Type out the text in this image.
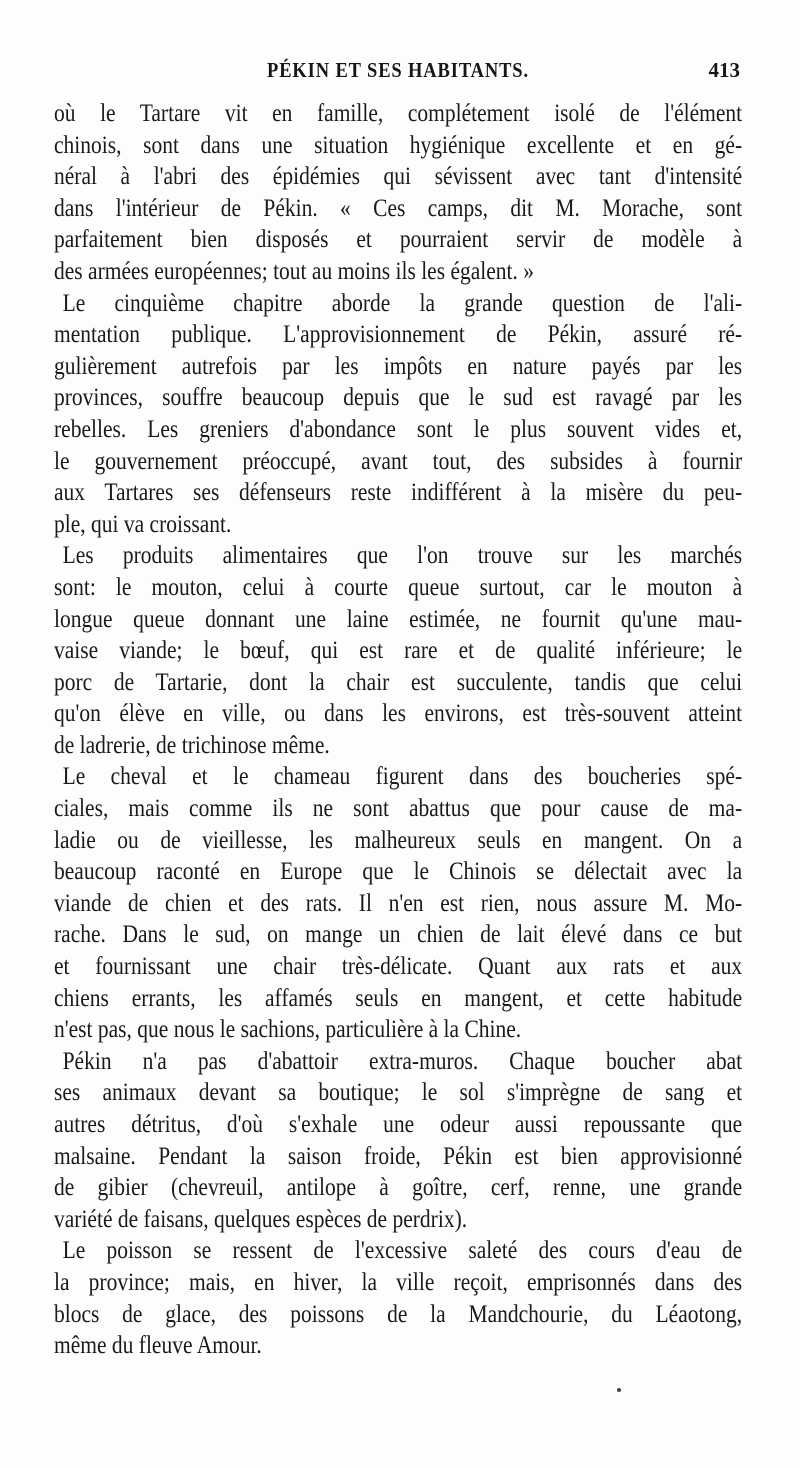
PÉKIN ET SES HABITANTS.	413

où le Tartare vit en famille, complétement isolé de l'élément
chinois, sont dans une situation hygiénique excellente et en gé-
néral à l'abri des épidémies qui sévissent avec tant d'intensité
dans l'intérieur de Pékin. « Ces camps, dit M. Morache, sont
parfaitement bien disposés et pourraient servir de modèle à
des armées européennes; tout au moins ils les égalent. »

Le cinquième chapitre aborde la grande question de l'ali-
mentation publique. L'approvisionnement de Pékin, assuré ré-
gulièrement autrefois par les impôts en nature payés par les
provinces, souffre beaucoup depuis que le sud est ravagé par les
rebelles. Les greniers d'abondance sont le plus souvent vides et,
le gouvernement préoccupé, avant tout, des subsides à fournir
aux Tartares ses défenseurs reste indifférent à la misère du peu-
ple, qui va croissant.

Les produits alimentaires que l'on trouve sur les marchés
sont: le mouton, celui à courte queue surtout, car le mouton à
longue queue donnant une laine estimée, ne fournit qu'une mau-
vaise viande; le bœuf, qui est rare et de qualité inférieure; le
porc de Tartarie, dont la chair est succulente, tandis que celui
qu'on élève en ville, ou dans les environs, est très-souvent atteint
de ladrerie, de trichinose même.

Le cheval et le chameau figurent dans des boucheries spé-
ciales, mais comme ils ne sont abattus que pour cause de ma-
ladie ou de vieillesse, les malheureux seuls en mangent. On a
beaucoup raconté en Europe que le Chinois se délectait avec la
viande de chien et des rats. Il n'en est rien, nous assure M. Mo-
rache. Dans le sud, on mange un chien de lait élevé dans ce but
et fournissant une chair très-délicate. Quant aux rats et aux
chiens errants, les affamés seuls en mangent, et cette habitude
n'est pas, que nous le sachions, particulière à la Chine.

Pékin n'a pas d'abattoir extra-muros. Chaque boucher abat
ses animaux devant sa boutique; le sol s'imprègne de sang et
autres détritus, d'où s'exhale une odeur aussi repoussante que
malsaine. Pendant la saison froide, Pékin est bien approvisionné
de gibier (chevreuil, antilope à goître, cerf, renne, une grande
variété de faisans, quelques espèces de perdrix).

Le poisson se ressent de l'excessive saleté des cours d'eau de
la province; mais, en hiver, la ville reçoit, emprisonnés dans des
blocs de glace, des poissons de la Mandchourie, du Léaotong,
même du fleuve Amour.
